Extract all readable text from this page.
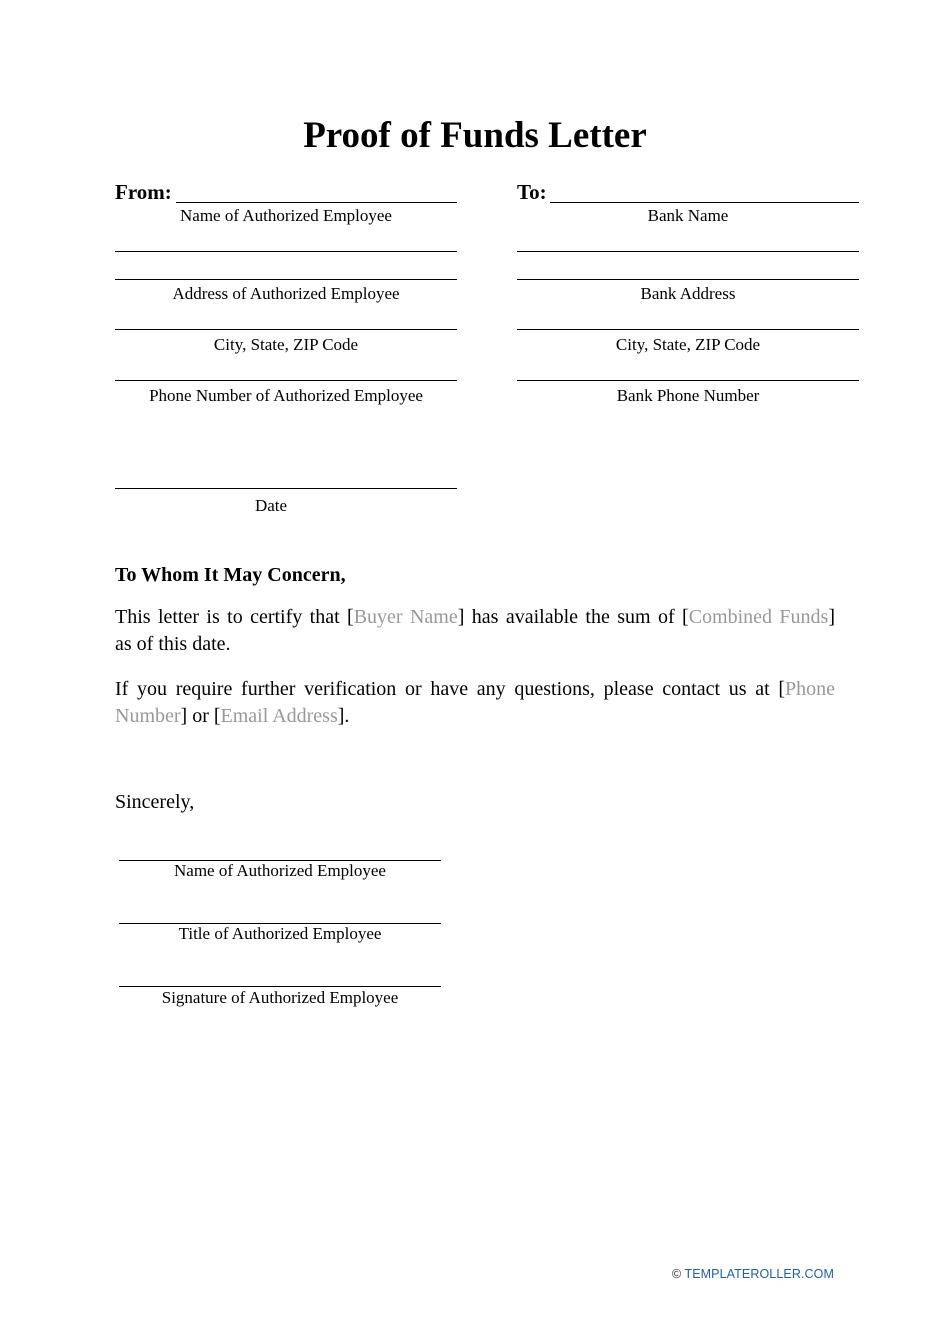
Proof of Funds Letter
From:
Name of Authorized Employee
Address of Authorized Employee
City, State, ZIP Code
Phone Number of Authorized Employee
Date
To:
Bank Name
Bank Address
City, State, ZIP Code
Bank Phone Number
To Whom It May Concern,
This letter is to certify that [Buyer Name] has available the sum of [Combined Funds]
as of this date.
If you require further verification or have any questions, please contact us at [Phone
Number] or [Email Address].
Sincerely,
Name of Authorized Employee
Title of Authorized Employee
Signature of Authorized Employee
© TEMPLATEROLLER.COM
